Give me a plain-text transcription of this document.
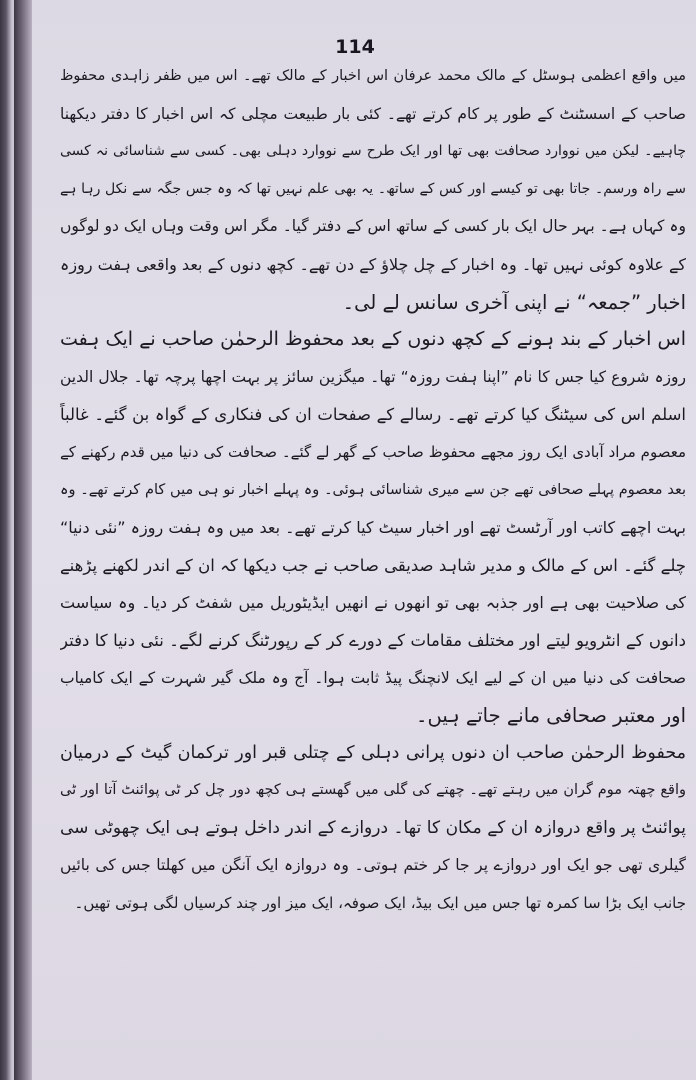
114
میں واقع اعظمی ہوسٹل کے مالک محمد عرفان اس اخبار کے مالک تھے۔ اس میں ظفر زاہدی محفوظ
صاحب کے اسسٹنٹ کے طور پر کام کرتے تھے۔ کئی بار طبیعت مچلی کہ اس اخبار کا دفتر دیکھنا
چاہیے۔ لیکن میں نووارد صحافت بھی تھا اور ایک طرح سے نووارد دہلی بھی۔ کسی سے شناسائی نہ کسی
سے راہ ورسم۔ جاتا بھی تو کیسے اور کس کے ساتھ۔ یہ بھی علم نہیں تھا کہ وہ جس جگہ سے نکل رہا ہے
وہ کہاں ہے۔ بہر حال ایک بار کسی کے ساتھ اس کے دفتر گیا۔ مگر اس وقت وہاں ایک دو لوگوں
کے علاوہ کوئی نہیں تھا۔ وہ اخبار کے چل چلاؤ کے دن تھے۔ کچھ دنوں کے بعد واقعی ہفت روزہ
اخبار ”جمعہ“ نے اپنی آخری سانس لے لی۔
اس اخبار کے بند ہونے کے کچھ دنوں کے بعد محفوظ الرحمٰن صاحب نے ایک ہفت
روزہ شروع کیا جس کا نام ”اپنا ہفت روزہ“ تھا۔ میگزین سائز پر بہت اچھا پرچہ تھا۔ جلال الدین
اسلم اس کی سیٹنگ کیا کرتے تھے۔ رسالے کے صفحات ان کی فنکاری کے گواہ بن گئے۔ غالباً
معصوم مراد آبادی ایک روز مجھے محفوظ صاحب کے گھر لے گئے۔ صحافت کی دنیا میں قدم رکھنے کے
بعد معصوم پہلے صحافی تھے جن سے میری شناسائی ہوئی۔ وہ پہلے اخبار نو ہی میں کام کرتے تھے۔ وہ
بہت اچھے کاتب اور آرٹسٹ تھے اور اخبار سیٹ کیا کرتے تھے۔ بعد میں وہ ہفت روزہ ”نئی دنیا“
چلے گئے۔ اس کے مالک و مدیر شاہد صدیقی صاحب نے جب دیکھا کہ ان کے اندر لکھنے پڑھنے
کی صلاحیت بھی ہے اور جذبہ بھی تو انھوں نے انھیں ایڈیٹوریل میں شفٹ کر دیا۔ وہ سیاست
دانوں کے انٹرویو لیتے اور مختلف مقامات کے دورے کر کے رپورٹنگ کرنے لگے۔ نئی دنیا کا دفتر
صحافت کی دنیا میں ان کے لیے ایک لانچنگ پیڈ ثابت ہوا۔ آج وہ ملک گیر شہرت کے ایک کامیاب
اور معتبر صحافی مانے جاتے ہیں۔
محفوظ الرحمٰن صاحب ان دنوں پرانی دہلی کے چتلی قبر اور ترکمان گیٹ کے درمیان
واقع چھتہ موم گران میں رہتے تھے۔ چھتے کی گلی میں گھستے ہی کچھ دور چل کر ٹی پوائنٹ آتا اور ٹی
پوائنٹ پر واقع دروازہ ان کے مکان کا تھا۔ دروازے کے اندر داخل ہوتے ہی ایک چھوٹی سی
گیلری تھی جو ایک اور دروازے پر جا کر ختم ہوتی۔ وہ دروازہ ایک آنگن میں کھلتا جس کی بائیں
جانب ایک بڑا سا کمرہ تھا جس میں ایک بیڈ، ایک صوفہ، ایک میز اور چند کرسیاں لگی ہوتی تھیں۔
